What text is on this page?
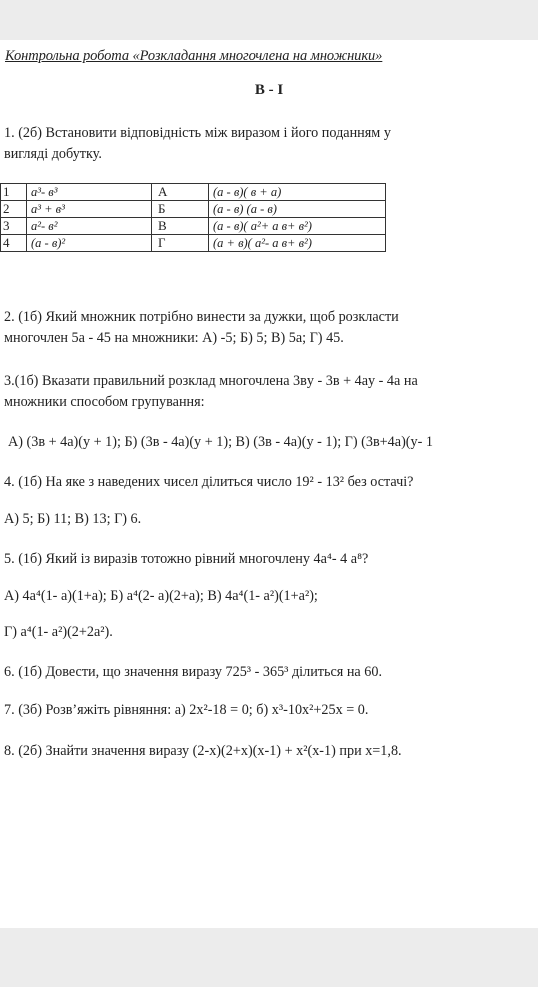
Контрольна робота «Розкладання многочлена на множники»
В - І
1. (2б) Встановити відповідність між виразом і його поданням у
вигляді добутку.
1	a³- в³	А	(a - в)( в + a)
2	a³ + в³	Б	(a - в) (a - в)
3	a²- в²	В	(a - в)( a²+ a в+ в²)
4	(a - в)²	Г	(a + в)( a²- a в+ в²)
2. (1б) Який множник потрібно винести за дужки, щоб розкласти
многочлен 5a - 45 на множники: А) -5; Б) 5; В) 5a; Г) 45.
3.(1б) Вказати правильний розклад многочлена 3вy - 3в + 4ay - 4a на
множники способом групування:
А) (3в + 4a)(y + 1); Б) (3в - 4a)(y + 1); В) (3в - 4a)(y - 1); Г) (3в+4a)(y- 1
4. (1б) На яке з наведених чисел ділиться число 19² - 13² без остачі?
А) 5; Б) 11; В) 13; Г) 6.
5. (1б) Який із виразів тотожно рівний многочлену 4a⁴- 4 a⁸?
А) 4a⁴(1- a)(1+a); Б) a⁴(2- a)(2+a); В) 4a⁴(1- a²)(1+a²);
Г) a⁴(1- a²)(2+2a²).
6. (1б) Довести, що значення виразу 725³ - 365³ ділиться на 60.
7. (3б) Розв’яжіть рівняння: а) 2x²-18 = 0; б) x³-10x²+25x = 0.
8. (2б) Знайти значення виразу (2-x)(2+x)(x-1) + x²(x-1) при x=1,8.
